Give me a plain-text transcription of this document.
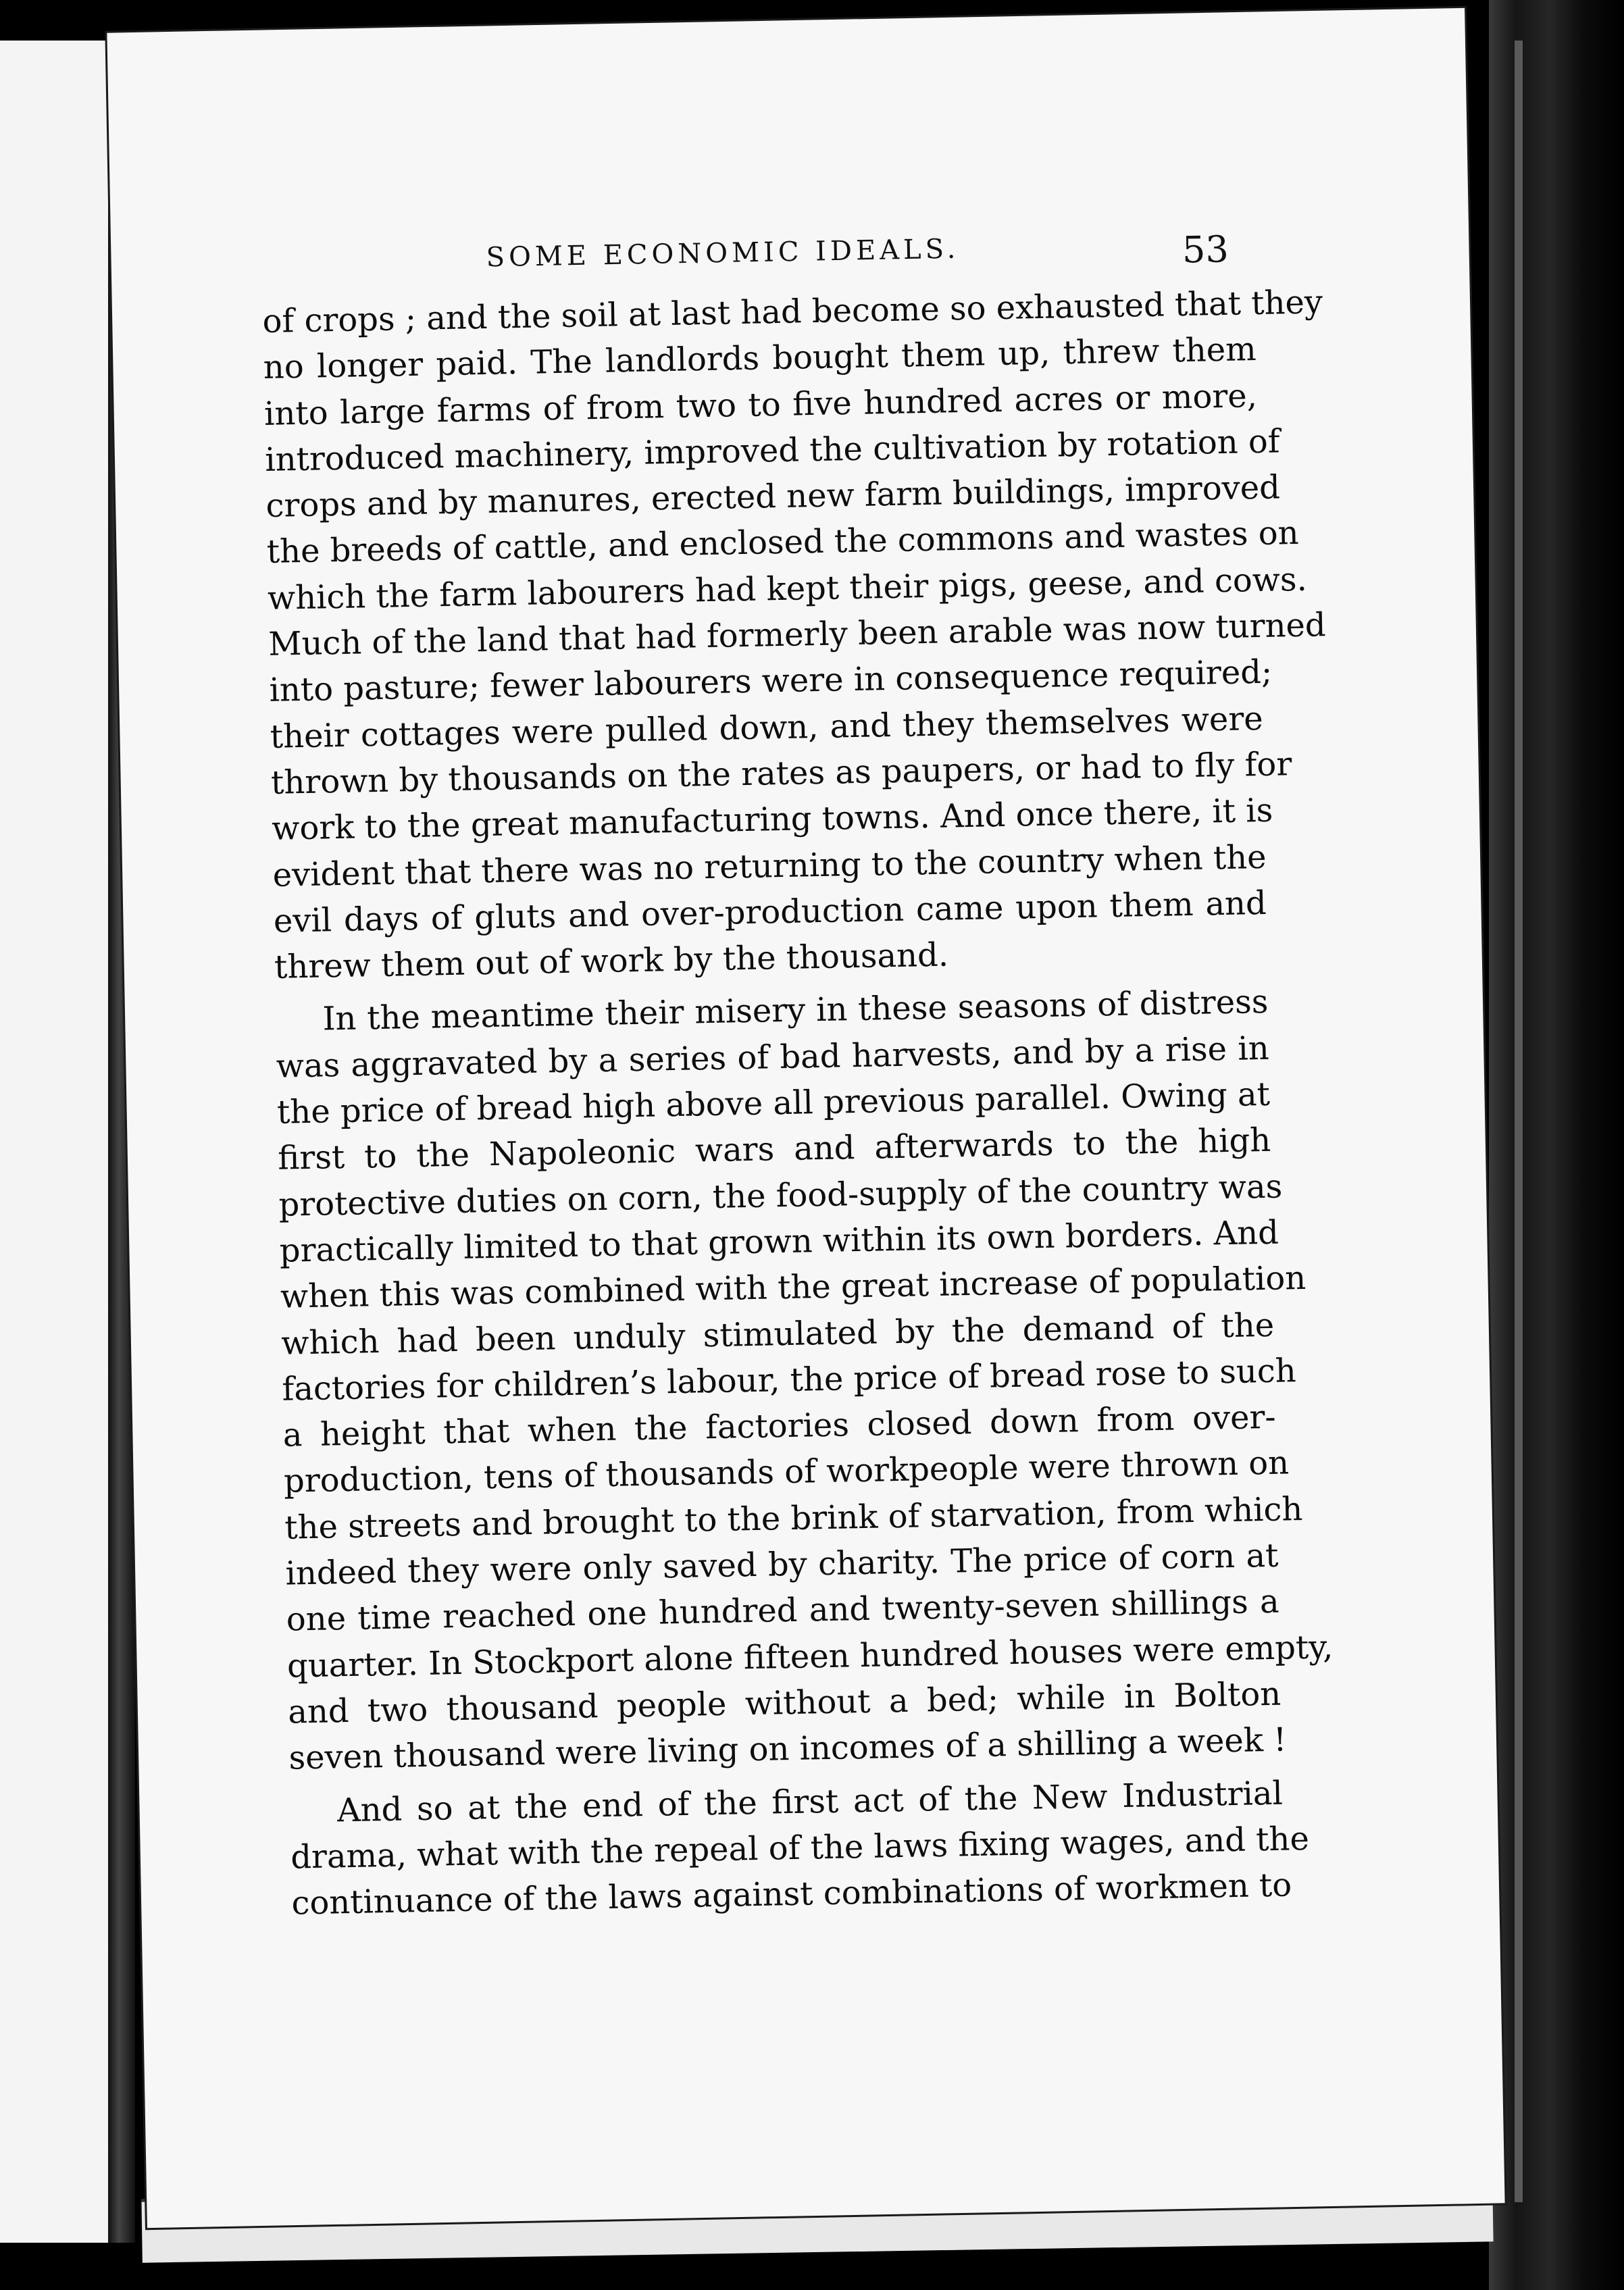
SOME ECONOMIC IDEALS.	53
of crops ; and the soil at last had become so exhausted that they
no longer paid. The landlords bought them up, threw them
into large farms of from two to five hundred acres or more,
introduced machinery, improved the cultivation by rotation of
crops and by manures, erected new farm buildings, improved
the breeds of cattle, and enclosed the commons and wastes on
which the farm labourers had kept their pigs, geese, and cows.
Much of the land that had formerly been arable was now turned
into pasture; fewer labourers were in consequence required;
their cottages were pulled down, and they themselves were
thrown by thousands on the rates as paupers, or had to fly for
work to the great manufacturing towns. And once there, it is
evident that there was no returning to the country when the
evil days of gluts and over-production came upon them and
threw them out of work by the thousand.
In the meantime their misery in these seasons of distress
was aggravated by a series of bad harvests, and by a rise in
the price of bread high above all previous parallel. Owing at
first to the Napoleonic wars and afterwards to the high
protective duties on corn, the food-supply of the country was
practically limited to that grown within its own borders. And
when this was combined with the great increase of population
which had been unduly stimulated by the demand of the
factories for children’s labour, the price of bread rose to such
a height that when the factories closed down from over-
production, tens of thousands of workpeople were thrown on
the streets and brought to the brink of starvation, from which
indeed they were only saved by charity. The price of corn at
one time reached one hundred and twenty-seven shillings a
quarter. In Stockport alone fifteen hundred houses were empty,
and two thousand people without a bed; while in Bolton
seven thousand were living on incomes of a shilling a week !
And so at the end of the first act of the New Industrial
drama, what with the repeal of the laws fixing wages, and the
continuance of the laws against combinations of workmen to
